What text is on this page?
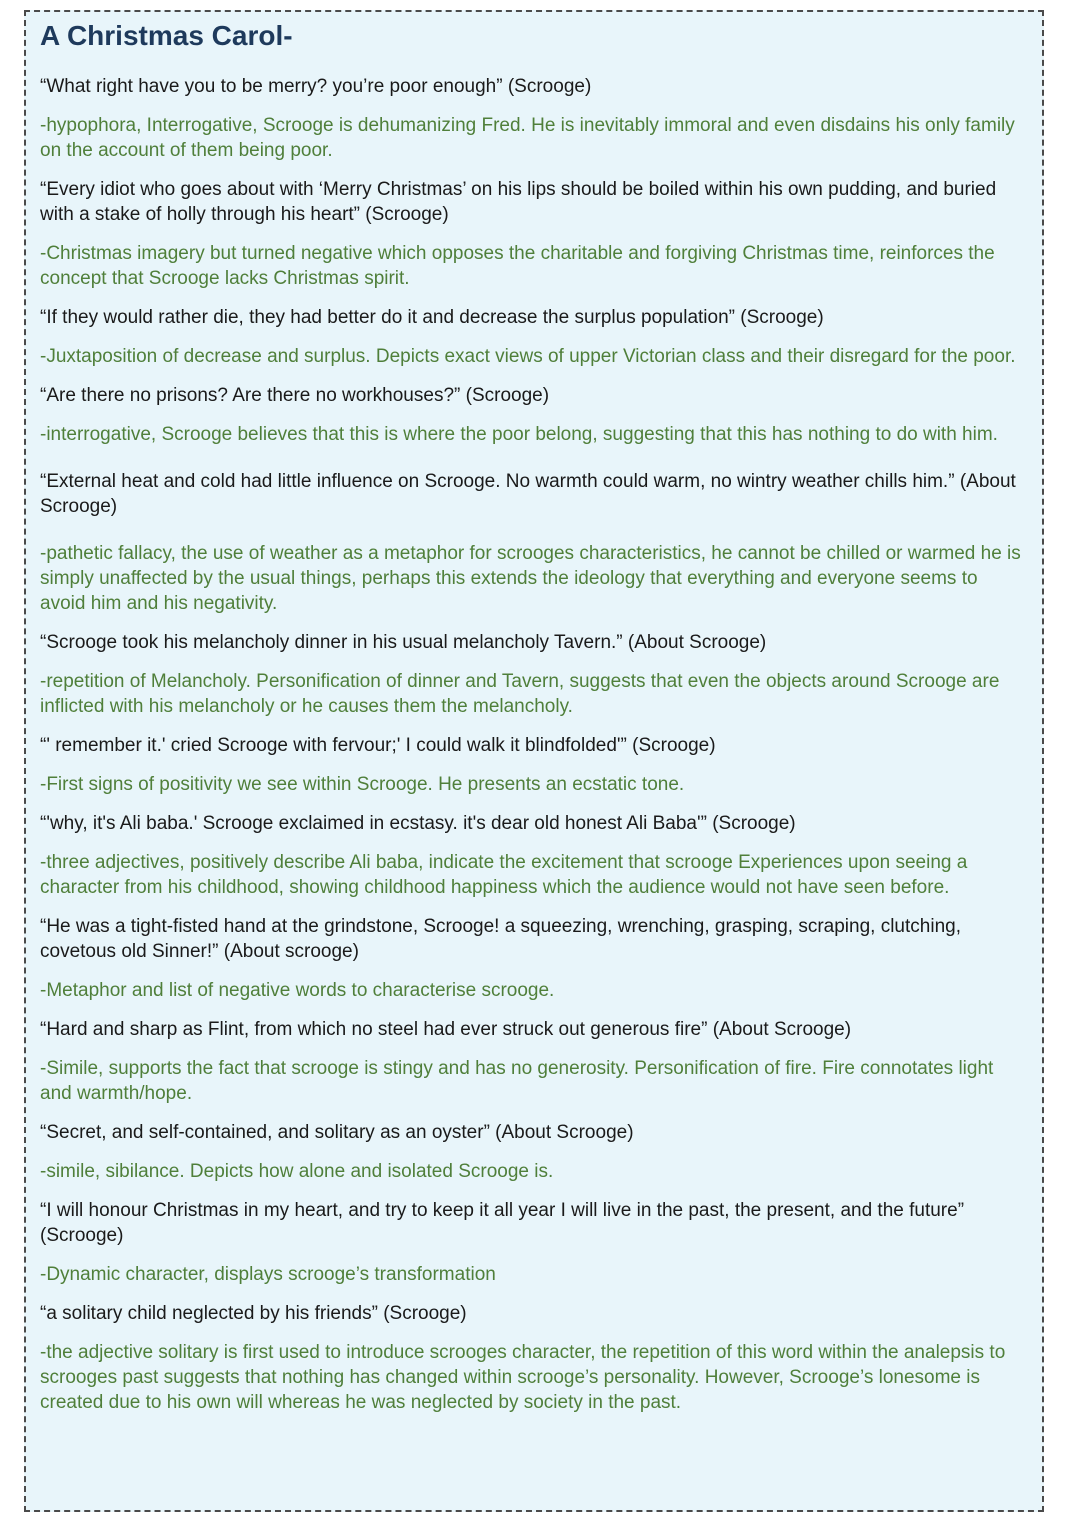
A Christmas Carol-

“What right have you to be merry? you’re poor enough” (Scrooge)

-hypophora, Interrogative, Scrooge is dehumanizing Fred. He is inevitably immoral and even disdains his only family on the account of them being poor.

“Every idiot who goes about with ‘Merry Christmas’ on his lips should be boiled within his own pudding, and buried with a stake of holly through his heart” (Scrooge)

-Christmas imagery but turned negative which opposes the charitable and forgiving Christmas time, reinforces the concept that Scrooge lacks Christmas spirit.

“If they would rather die, they had better do it and decrease the surplus population” (Scrooge)

-Juxtaposition of decrease and surplus. Depicts exact views of upper Victorian class and their disregard for the poor.

“Are there no prisons? Are there no workhouses?” (Scrooge)

-interrogative, Scrooge believes that this is where the poor belong, suggesting that this has nothing to do with him.

“External heat and cold had little influence on Scrooge. No warmth could warm, no wintry weather chills him.” (About Scrooge)

-pathetic fallacy, the use of weather as a metaphor for scrooges characteristics, he cannot be chilled or warmed he is simply unaffected by the usual things, perhaps this extends the ideology that everything and everyone seems to avoid him and his negativity.

“Scrooge took his melancholy dinner in his usual melancholy Tavern.” (About Scrooge)

-repetition of Melancholy. Personification of dinner and Tavern, suggests that even the objects around Scrooge are inflicted with his melancholy or he causes them the melancholy.

“' remember it.' cried Scrooge with fervour;' I could walk it blindfolded'” (Scrooge)

-First signs of positivity we see within Scrooge. He presents an ecstatic tone.

“'why, it's Ali baba.' Scrooge exclaimed in ecstasy. it's dear old honest Ali Baba'” (Scrooge)

-three adjectives, positively describe Ali baba, indicate the excitement that scrooge Experiences upon seeing a character from his childhood, showing childhood happiness which the audience would not have seen before.

“He was a tight-fisted hand at the grindstone, Scrooge! a squeezing, wrenching, grasping, scraping, clutching, covetous old Sinner!” (About scrooge)

-Metaphor and list of negative words to characterise scrooge.

“Hard and sharp as Flint, from which no steel had ever struck out generous fire” (About Scrooge)

-Simile, supports the fact that scrooge is stingy and has no generosity. Personification of fire. Fire connotates light and warmth/hope.

“Secret, and self-contained, and solitary as an oyster” (About Scrooge)

-simile, sibilance. Depicts how alone and isolated Scrooge is.

“I will honour Christmas in my heart, and try to keep it all year I will live in the past, the present, and the future” (Scrooge)

-Dynamic character, displays scrooge’s transformation

“a solitary child neglected by his friends” (Scrooge)

-the adjective solitary is first used to introduce scrooges character, the repetition of this word within the analepsis to scrooges past suggests that nothing has changed within scrooge’s personality. However, Scrooge’s lonesome is created due to his own will whereas he was neglected by society in the past.
